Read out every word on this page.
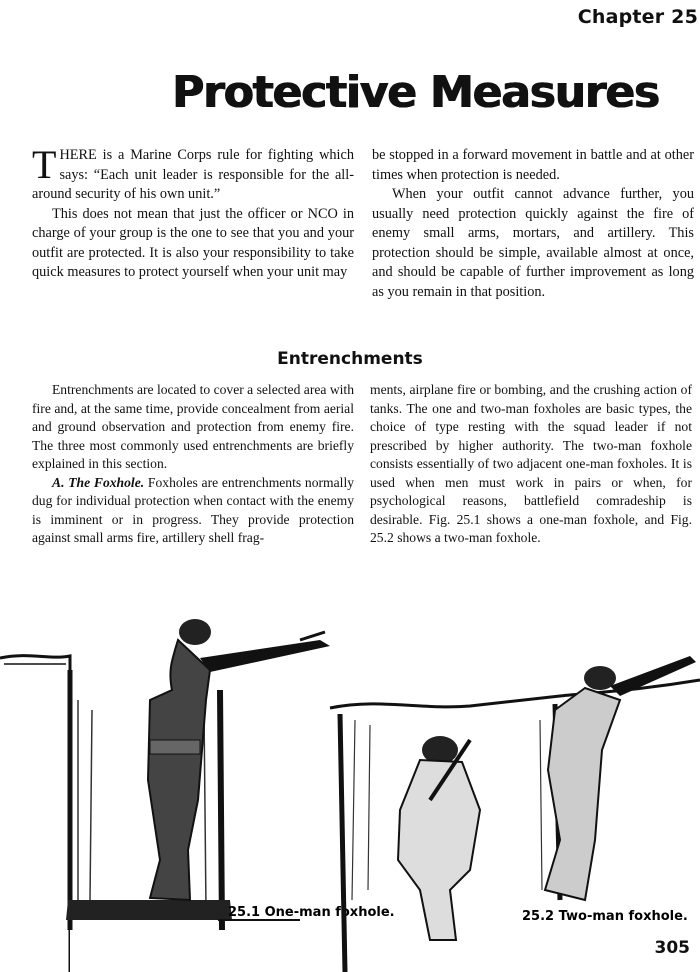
Chapter 25
Protective Measures

THERE is a Marine Corps rule for fighting which says: “Each unit leader is responsible for the all-around security of his own unit.”

This does not mean that just the officer or NCO in charge of your group is the one to see that you and your outfit are protected. It is also your responsibility to take quick measures to protect yourself when your unit may

be stopped in a forward movement in battle and at other times when protection is needed.

When your outfit cannot advance further, you usually need protection quickly against the fire of enemy small arms, mortars, and artillery. This protection should be simple, available almost at once, and should be capable of further improvement as long as you remain in that position.

Entrenchments

Entrenchments are located to cover a selected area with fire and, at the same time, provide concealment from aerial and ground observation and protection from enemy fire. The three most commonly used entrenchments are briefly explained in this section.

A. The Foxhole. Foxholes are entrenchments normally dug for individual protection when contact with the enemy is imminent or in progress. They provide protection against small arms fire, artillery shell frag-

ments, airplane fire or bombing, and the crushing action of tanks. The one and two-man foxholes are basic types, the choice of type resting with the squad leader if not prescribed by higher authority. The two-man foxhole consists essentially of two adjacent one-man foxholes. It is used when men must work in pairs or when, for psychological reasons, battlefield comradeship is desirable. Fig. 25.1 shows a one-man foxhole, and Fig. 25.2 shows a two-man foxhole.

25.1 One-man foxhole.	25.2 Two-man foxhole.
305
